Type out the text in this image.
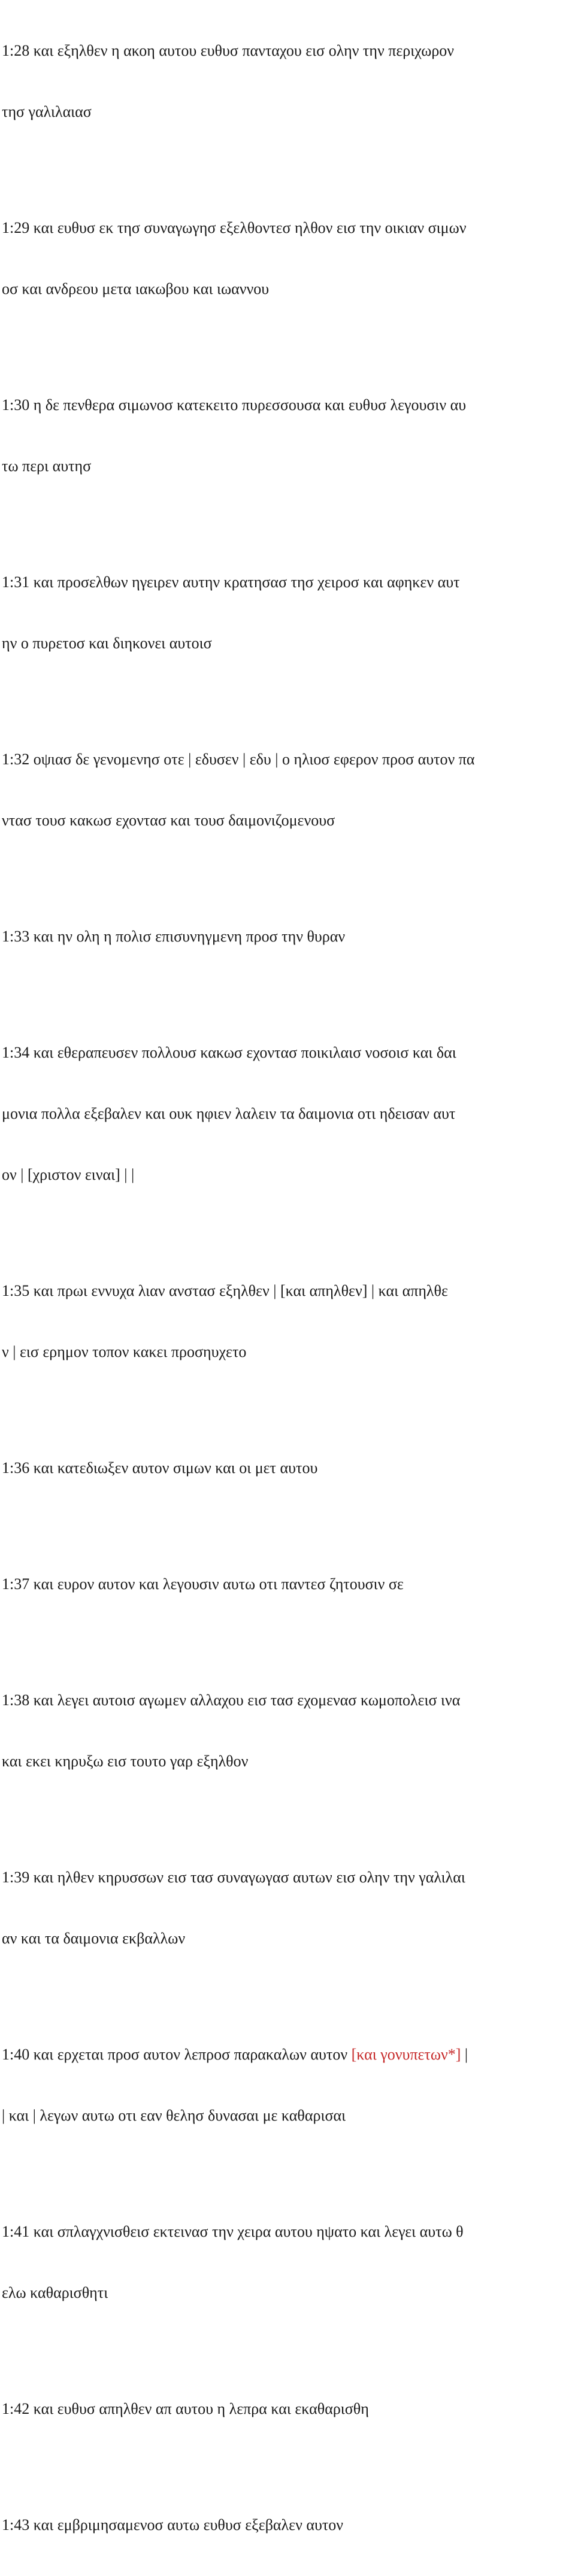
1:28 και εξηλθεν η ακοη αυτου ευθυσ πανταχου εισ ολην την περιχωρον

τησ γαλιλαιασ

1:29 και ευθυσ εκ τησ συναγωγησ εξελθοντεσ ηλθον εισ την οικιαν σιμων

οσ και ανδρεου μετα ιακωβου και ιωαννου

1:30 η δε πενθερα σιμωνοσ κατεκειτο πυρεσσουσα και ευθυσ λεγουσιν αυ

τω περι αυτησ

1:31 και προσελθων ηγειρεν αυτην κρατησασ τησ χειροσ και αφηκεν αυτ

ην ο πυρετοσ και διηκονει αυτοισ

1:32 οψιασ δε γενομενησ οτε | εδυσεν | εδυ | ο ηλιοσ εφερον προσ αυτον πα

ντασ τουσ κακωσ εχοντασ και τουσ δαιμονιζομενουσ

1:33 και ην ολη η πολισ επισυνηγμενη προσ την θυραν

1:34 και εθεραπευσεν πολλουσ κακωσ εχοντασ ποικιλαισ νοσοισ και δαι

μονια πολλα εξεβαλεν και ουκ ηφιεν λαλειν τα δαιμονια οτι ηδεισαν αυτ

ον | [χριστον ειναι] | |

1:35 και πρωι εννυχα λιαν ανστασ εξηλθεν | [και απηλθεν] | και απηλθε

ν | εισ ερημον τοπον κακει προσηυχετο

1:36 και κατεδιωξεν αυτον σιμων και οι μετ αυτου

1:37 και ευρον αυτον και λεγουσιν αυτω οτι παντεσ ζητουσιν σε

1:38 και λεγει αυτοισ αγωμεν αλλαχου εισ τασ εχομενασ κωμοπολεισ ινα

και εκει κηρυξω εισ τουτο γαρ εξηλθον

1:39 και ηλθεν κηρυσσων εισ τασ συναγωγασ αυτων εισ ολην την γαλιλαι

αν και τα δαιμονια εκβαλλων

1:40 και ερχεται προσ αυτον λεπροσ παρακαλων αυτον [και γονυπετων*] |

| και | λεγων αυτω οτι εαν θελησ δυνασαι με καθαρισαι

1:41 και σπλαγχνισθεισ εκτεινασ την χειρα αυτου ηψατο και λεγει αυτω θ

ελω καθαρισθητι

1:42 και ευθυσ απηλθεν απ αυτου η λεπρα και εκαθαρισθη

1:43 και εμβριμησαμενοσ αυτω ευθυσ εξεβαλεν αυτον
